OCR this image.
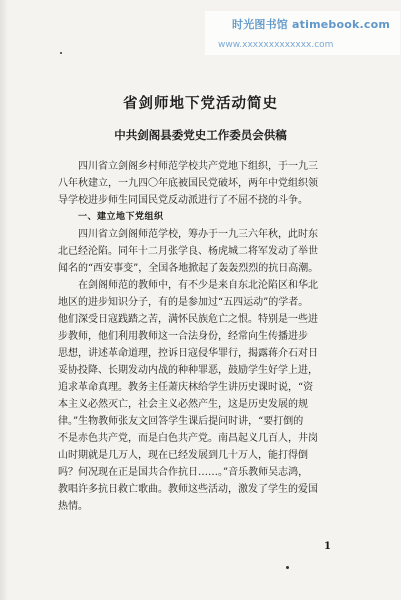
时光图书馆 atimebook.com
www.xxxxxxxxxxxxx.com
省剑师地下党活动简史
中共剑阁县委党史工作委员会供稿
四川省立剑阁乡村师范学校共产党地下组织，于一九三
八年秋建立，一九四〇年底被国民党破坏，两年中党组织领
导学校进步师生同国民党反动派进行了不屈不挠的斗争。
一、建立地下党组织
四川省立剑阁师范学校，筹办于一九三六年秋，此时东
北已经沦陷。同年十二月张学良、杨虎城二将军发动了举世
闻名的“西安事变”，全国各地掀起了轰轰烈烈的抗日高潮。
在剑阁师范的教师中，有不少是来自东北沦陷区和华北
地区的进步知识分子，有的是参加过“五四运动”的学者。
他们深受日寇践踏之苦，满怀民族危亡之恨。特别是一些进
步教师，他们利用教师这一合法身份，经常向生传播进步
思想，讲述革命道理，控诉日寇侵华罪行，揭露蒋介石对日
妥协投降、长期发动内战的种种罪恶，鼓励学生好学上进，
追求革命真理。教务主任萧庆林给学生讲历史课时说，“资
本主义必然灭亡，社会主义必然产生，这是历史发展的规
律。”生物教师张友文回答学生课后提问时讲，“要打倒的
不是赤色共产党，而是白色共产党。南昌起义几百人，井岗
山时期就是几万人，现在已经发展到几十万人，能打得倒
吗？何况现在正是国共合作抗日……。”音乐教师吴志鸿，
教唱许多抗日救亡歌曲。教师这些活动，激发了学生的爱国
热情。
1
